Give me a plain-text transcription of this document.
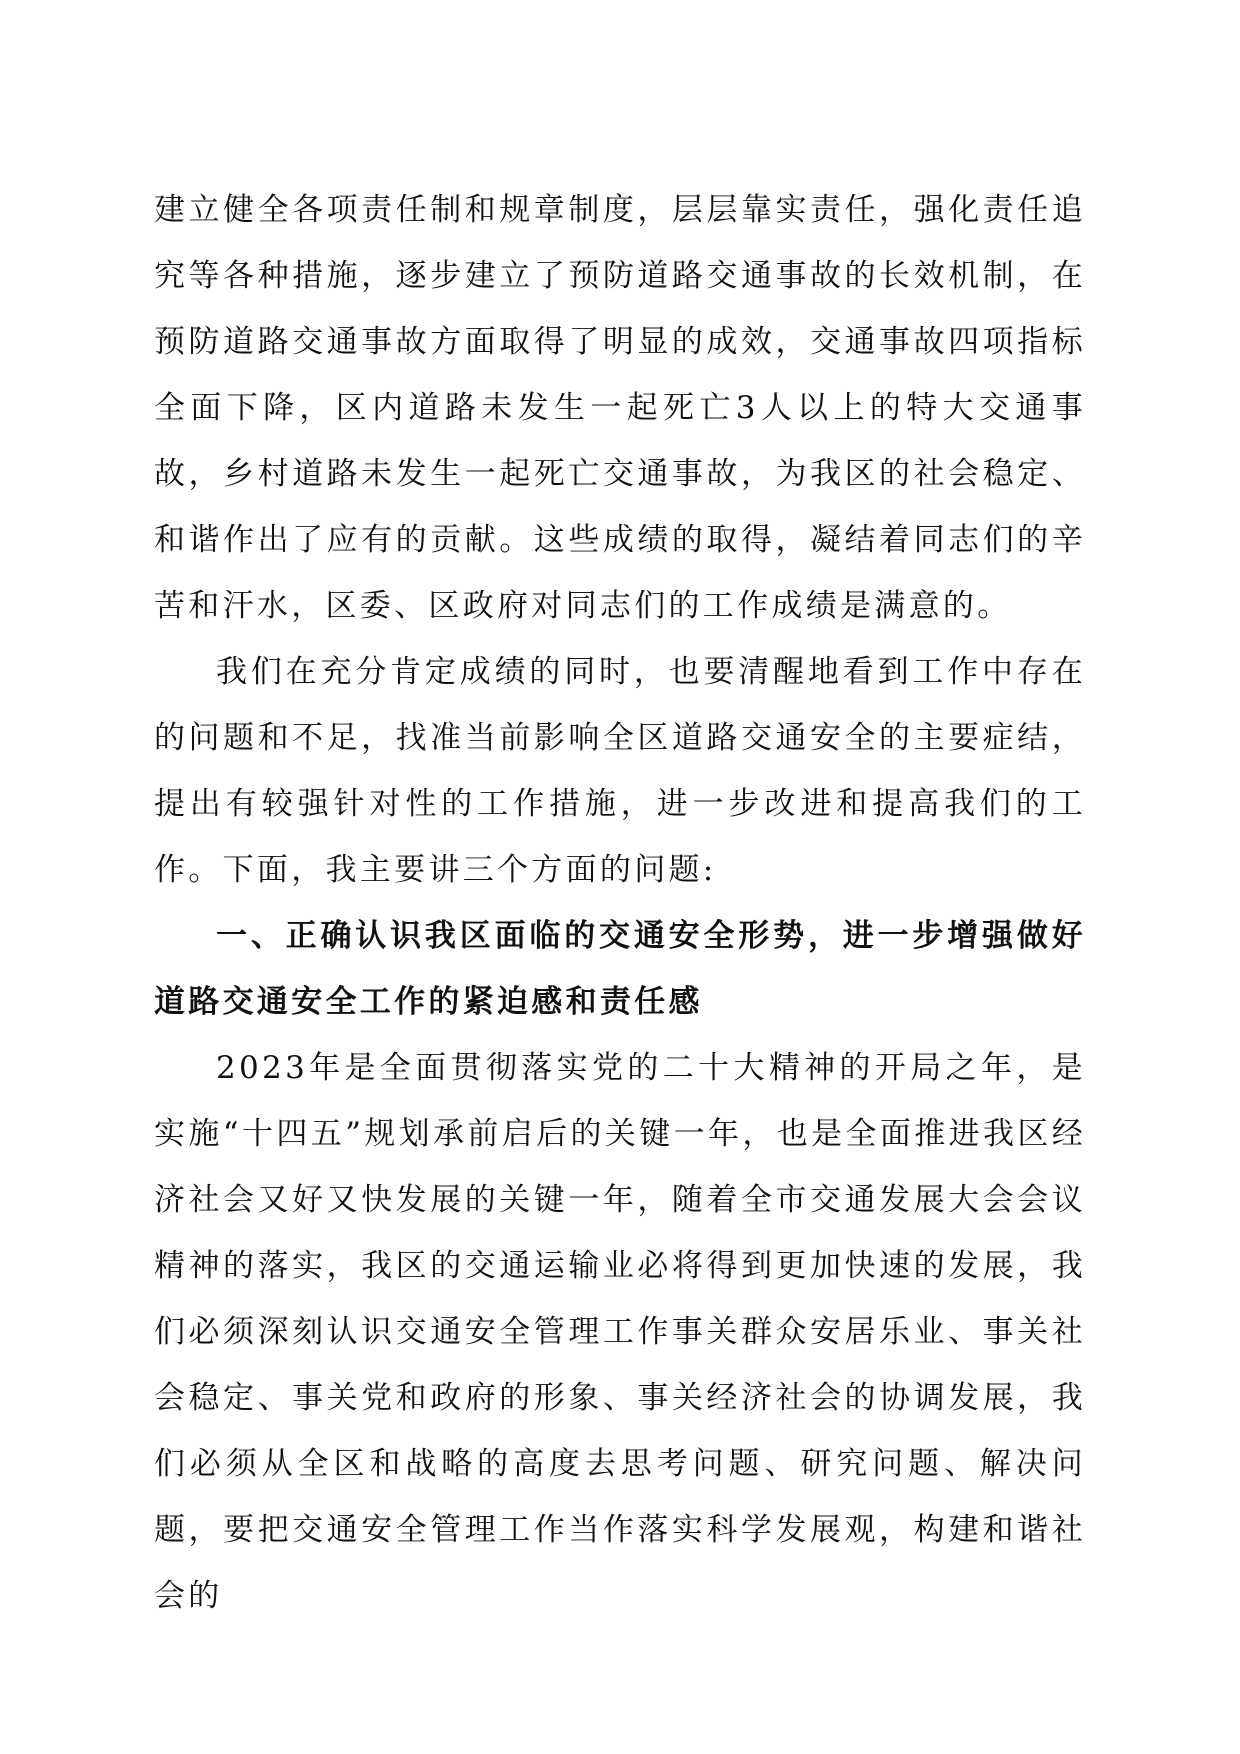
建立健全各项责任制和规章制度，层层靠实责任，强化责任追究等各种措施，逐步建立了预防道路交通事故的长效机制，在预防道路交通事故方面取得了明显的成效，交通事故四项指标全面下降，区内道路未发生一起死亡3人以上的特大交通事故，乡村道路未发生一起死亡交通事故，为我区的社会稳定、和谐作出了应有的贡献。这些成绩的取得，凝结着同志们的辛苦和汗水，区委、区政府对同志们的工作成绩是满意的。

我们在充分肯定成绩的同时，也要清醒地看到工作中存在的问题和不足，找准当前影响全区道路交通安全的主要症结，提出有较强针对性的工作措施，进一步改进和提高我们的工作。下面，我主要讲三个方面的问题:

一、正确认识我区面临的交通安全形势，进一步增强做好道路交通安全工作的紧迫感和责任感

2023年是全面贯彻落实党的二十大精神的开局之年，是实施“十四五”规划承前启后的关键一年，也是全面推进我区经济社会又好又快发展的关键一年，随着全市交通发展大会会议精神的落实，我区的交通运输业必将得到更加快速的发展，我们必须深刻认识交通安全管理工作事关群众安居乐业、事关社会稳定、事关党和政府的形象、事关经济社会的协调发展，我们必须从全区和战略的高度去思考问题、研究问题、解决问题，要把交通安全管理工作当作落实科学发展观，构建和谐社会的
